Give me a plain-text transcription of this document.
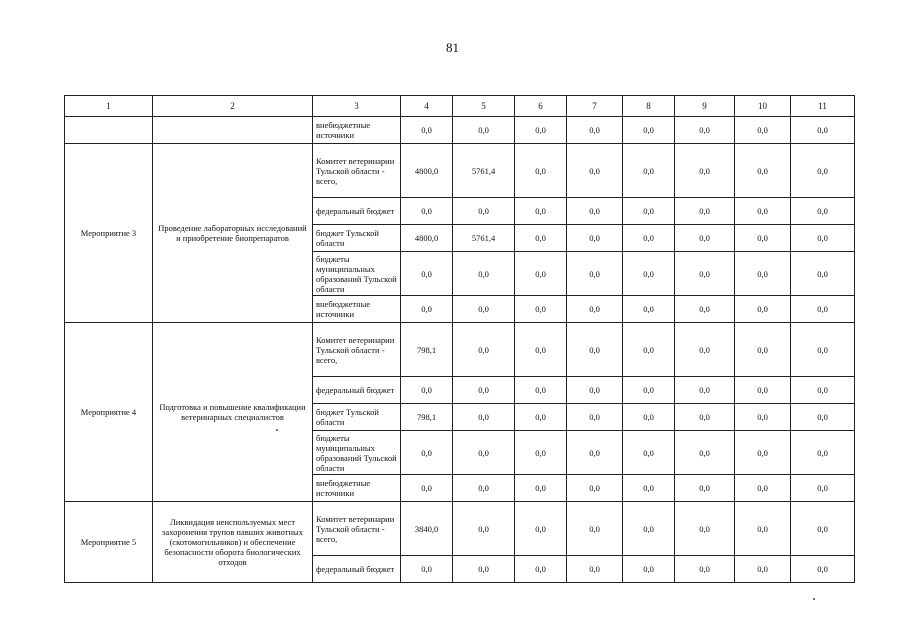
81
1	2	3	4	5	6	7	8	9	10	11
		внебюджетные источники	0,0	0,0	0,0	0,0	0,0	0,0	0,0	0,0
Мероприятие 3	Проведение лабораторных исследований и приобретение биопрепаратов	Комитет ветеринарии Тульской области - всего,	4800,0	5761,4	0,0	0,0	0,0	0,0	0,0	0,0
		федеральный бюджет	0,0	0,0	0,0	0,0	0,0	0,0	0,0	0,0
		бюджет Тульской области	4800,0	5761,4	0,0	0,0	0,0	0,0	0,0	0,0
		бюджеты муниципальных образований Тульской области	0,0	0,0	0,0	0,0	0,0	0,0	0,0	0,0
		внебюджетные источники	0,0	0,0	0,0	0,0	0,0	0,0	0,0	0,0
Мероприятие 4	Подготовка и повышение квалификации ветеринарных специалистов	Комитет ветеринарии Тульской области - всего,	798,1	0,0	0,0	0,0	0,0	0,0	0,0	0,0
		федеральный бюджет	0,0	0,0	0,0	0,0	0,0	0,0	0,0	0,0
		бюджет Тульской области	798,1	0,0	0,0	0,0	0,0	0,0	0,0	0,0
		бюджеты муниципальных образований Тульской области	0,0	0,0	0,0	0,0	0,0	0,0	0,0	0,0
		внебюджетные источники	0,0	0,0	0,0	0,0	0,0	0,0	0,0	0,0
Мероприятие 5	Ликвидация неиспользуемых мест захоронения трупов павших животных (скотомогильников) и обеспечение безопасности оборота биологических отходов	Комитет ветеринарии Тульской области - всего,	3840,0	0,0	0,0	0,0	0,0	0,0	0,0	0,0
		федеральный бюджет	0,0	0,0	0,0	0,0	0,0	0,0	0,0	0,0
